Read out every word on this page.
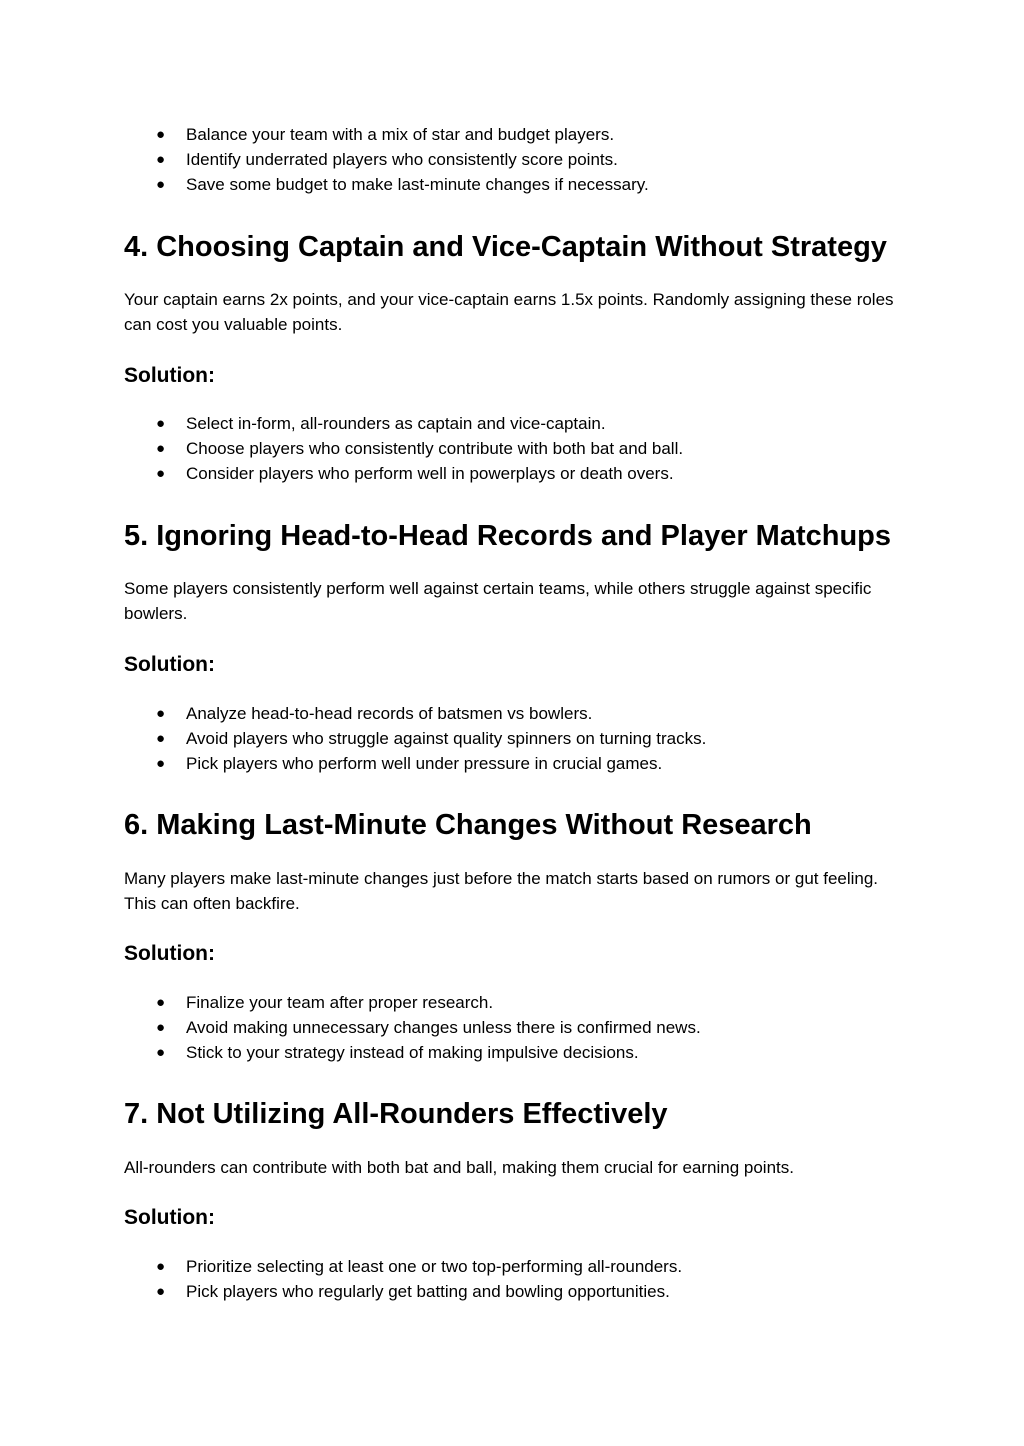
● Balance your team with a mix of star and budget players.
● Identify underrated players who consistently score points.
● Save some budget to make last-minute changes if necessary.
4. Choosing Captain and Vice-Captain Without Strategy

Your captain earns 2x points, and your vice-captain earns 1.5x points. Randomly assigning these roles can cost you valuable points.

Solution:
● Select in-form, all-rounders as captain and vice-captain.
● Choose players who consistently contribute with both bat and ball.
● Consider players who perform well in powerplays or death overs.
5. Ignoring Head-to-Head Records and Player Matchups

Some players consistently perform well against certain teams, while others struggle against specific bowlers.

Solution:
● Analyze head-to-head records of batsmen vs bowlers.
● Avoid players who struggle against quality spinners on turning tracks.
● Pick players who perform well under pressure in crucial games.
6. Making Last-Minute Changes Without Research

Many players make last-minute changes just before the match starts based on rumors or gut feeling. This can often backfire.

Solution:
● Finalize your team after proper research.
● Avoid making unnecessary changes unless there is confirmed news.
● Stick to your strategy instead of making impulsive decisions.
7. Not Utilizing All-Rounders Effectively

All-rounders can contribute with both bat and ball, making them crucial for earning points.

Solution:
● Prioritize selecting at least one or two top-performing all-rounders.
● Pick players who regularly get batting and bowling opportunities.
